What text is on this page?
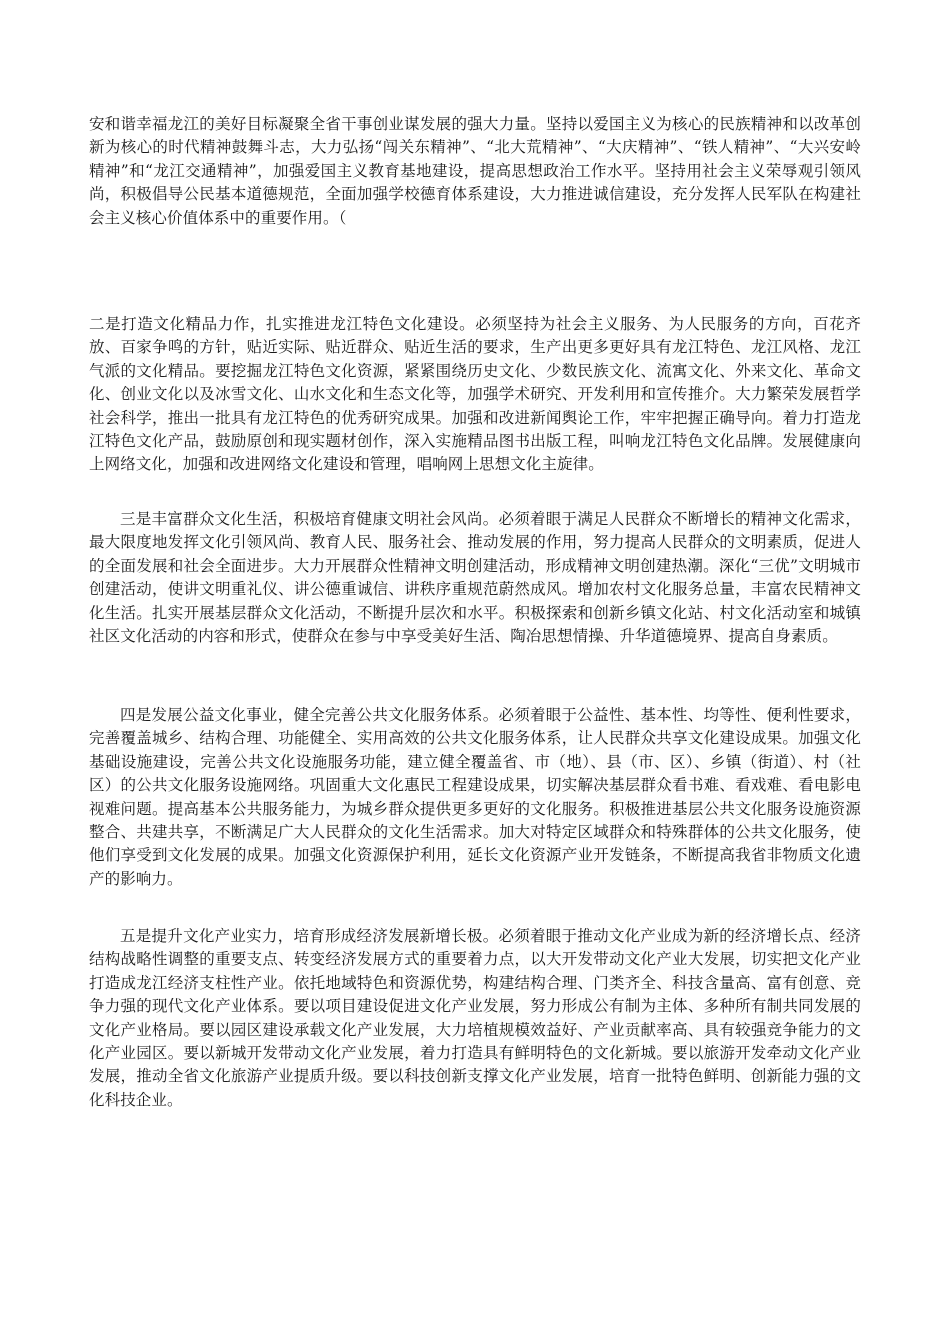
安和谐幸福龙江的美好目标凝聚全省干事创业谋发展的强大力量。坚持以爱国主义为核心的民族精神和以改革创新为核心的时代精神鼓舞斗志，大力弘扬“闯关东精神”、“北大荒精神”、“大庆精神”、“铁人精神”、“大兴安岭精神”和“龙江交通精神”，加强爱国主义教育基地建设，提高思想政治工作水平。坚持用社会主义荣辱观引领风尚，积极倡导公民基本道德规范，全面加强学校德育体系建设，大力推进诚信建设，充分发挥人民军队在构建社会主义核心价值体系中的重要作用。（

二是打造文化精品力作，扎实推进龙江特色文化建设。必须坚持为社会主义服务、为人民服务的方向，百花齐放、百家争鸣的方针，贴近实际、贴近群众、贴近生活的要求，生产出更多更好具有龙江特色、龙江风格、龙江气派的文化精品。要挖掘龙江特色文化资源，紧紧围绕历史文化、少数民族文化、流寓文化、外来文化、革命文化、创业文化以及冰雪文化、山水文化和生态文化等，加强学术研究、开发利用和宣传推介。大力繁荣发展哲学社会科学，推出一批具有龙江特色的优秀研究成果。加强和改进新闻舆论工作，牢牢把握正确导向。着力打造龙江特色文化产品，鼓励原创和现实题材创作，深入实施精品图书出版工程，叫响龙江特色文化品牌。发展健康向上网络文化，加强和改进网络文化建设和管理，唱响网上思想文化主旋律。

三是丰富群众文化生活，积极培育健康文明社会风尚。必须着眼于满足人民群众不断增长的精神文化需求，最大限度地发挥文化引领风尚、教育人民、服务社会、推动发展的作用，努力提高人民群众的文明素质，促进人的全面发展和社会全面进步。大力开展群众性精神文明创建活动，形成精神文明创建热潮。深化“三优”文明城市创建活动，使讲文明重礼仪、讲公德重诚信、讲秩序重规范蔚然成风。增加农村文化服务总量，丰富农民精神文化生活。扎实开展基层群众文化活动，不断提升层次和水平。积极探索和创新乡镇文化站、村文化活动室和城镇社区文化活动的内容和形式，使群众在参与中享受美好生活、陶冶思想情操、升华道德境界、提高自身素质。

四是发展公益文化事业，健全完善公共文化服务体系。必须着眼于公益性、基本性、均等性、便利性要求，完善覆盖城乡、结构合理、功能健全、实用高效的公共文化服务体系，让人民群众共享文化建设成果。加强文化基础设施建设，完善公共文化设施服务功能，建立健全覆盖省、市（地）、县（市、区）、乡镇（街道）、村（社区）的公共文化服务设施网络。巩固重大文化惠民工程建设成果，切实解决基层群众看书难、看戏难、看电影电视难问题。提高基本公共服务能力，为城乡群众提供更多更好的文化服务。积极推进基层公共文化服务设施资源整合、共建共享，不断满足广大人民群众的文化生活需求。加大对特定区域群众和特殊群体的公共文化服务，使他们享受到文化发展的成果。加强文化资源保护利用，延长文化资源产业开发链条，不断提高我省非物质文化遗产的影响力。

五是提升文化产业实力，培育形成经济发展新增长极。必须着眼于推动文化产业成为新的经济增长点、经济结构战略性调整的重要支点、转变经济发展方式的重要着力点，以大开发带动文化产业大发展，切实把文化产业打造成龙江经济支柱性产业。依托地域特色和资源优势，构建结构合理、门类齐全、科技含量高、富有创意、竞争力强的现代文化产业体系。要以项目建设促进文化产业发展，努力形成公有制为主体、多种所有制共同发展的文化产业格局。要以园区建设承载文化产业发展，大力培植规模效益好、产业贡献率高、具有较强竞争能力的文化产业园区。要以新城开发带动文化产业发展，着力打造具有鲜明特色的文化新城。要以旅游开发牵动文化产业发展，推动全省文化旅游产业提质升级。要以科技创新支撑文化产业发展，培育一批特色鲜明、创新能力强的文化科技企业。
